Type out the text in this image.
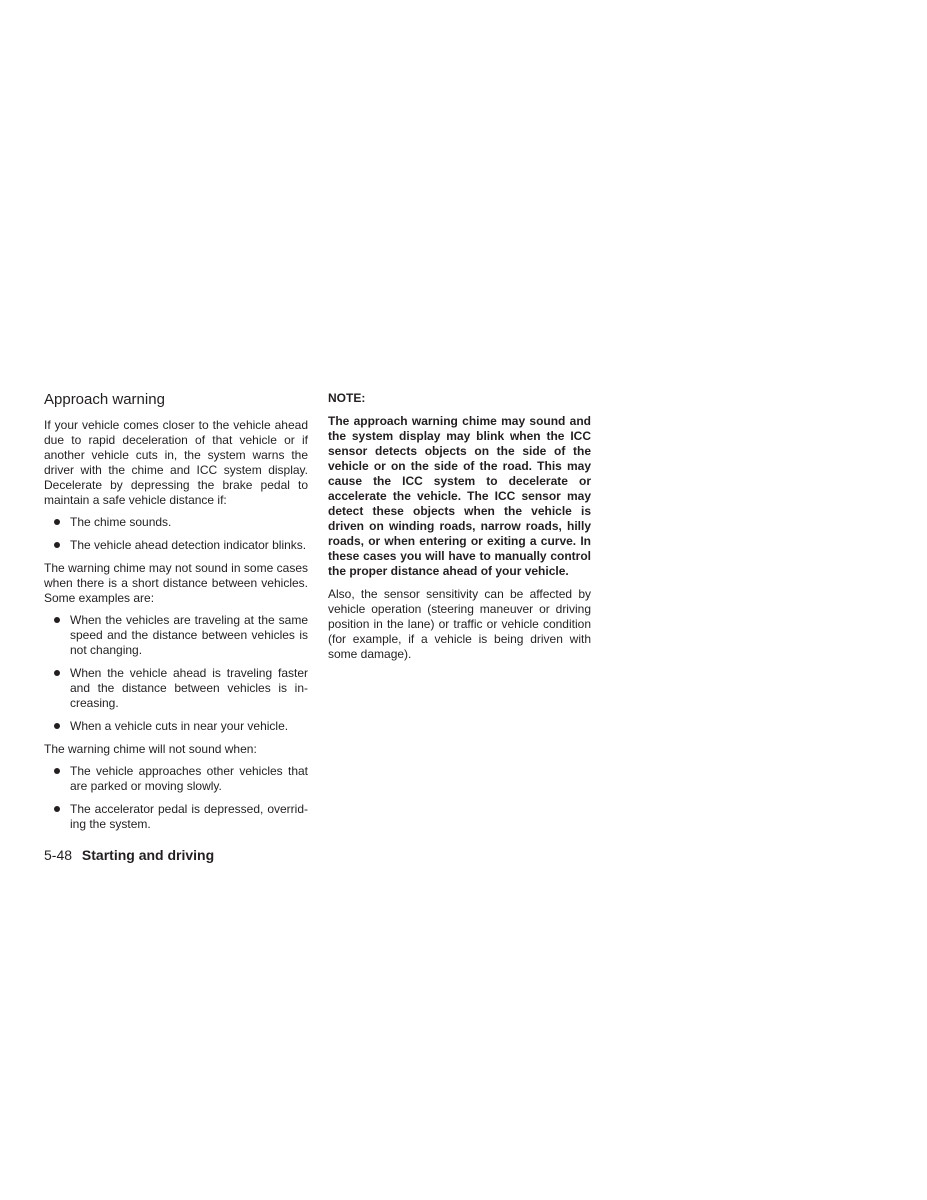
Approach warning

If your vehicle comes closer to the vehicle ahead due to rapid deceleration of that vehicle or if another vehicle cuts in, the system warns the driver with the chime and ICC system display. Decelerate by depressing the brake pedal to maintain a safe vehicle distance if:

The chime sounds.
The vehicle ahead detection indicator blinks.

The warning chime may not sound in some cases when there is a short distance between vehicles. Some examples are:

When the vehicles are traveling at the same speed and the distance between vehicles is not changing.
When the vehicle ahead is traveling faster and the distance between vehicles is in-creasing.
When a vehicle cuts in near your vehicle.

The warning chime will not sound when:

The vehicle approaches other vehicles that are parked or moving slowly.
The accelerator pedal is depressed, overrid-ing the system.
NOTE:

The approach warning chime may sound and the system display may blink when the ICC sensor detects objects on the side of the vehicle or on the side of the road. This may cause the ICC system to decelerate or accelerate the vehicle. The ICC sensor may detect these objects when the vehicle is driven on winding roads, narrow roads, hilly roads, or when entering or exiting a curve. In these cases you will have to manually control the proper distance ahead of your vehicle.

Also, the sensor sensitivity can be affected by vehicle operation (steering maneuver or driving position in the lane) or traffic or vehicle condition (for example, if a vehicle is being driven with some damage).

5-48 Starting and driving
